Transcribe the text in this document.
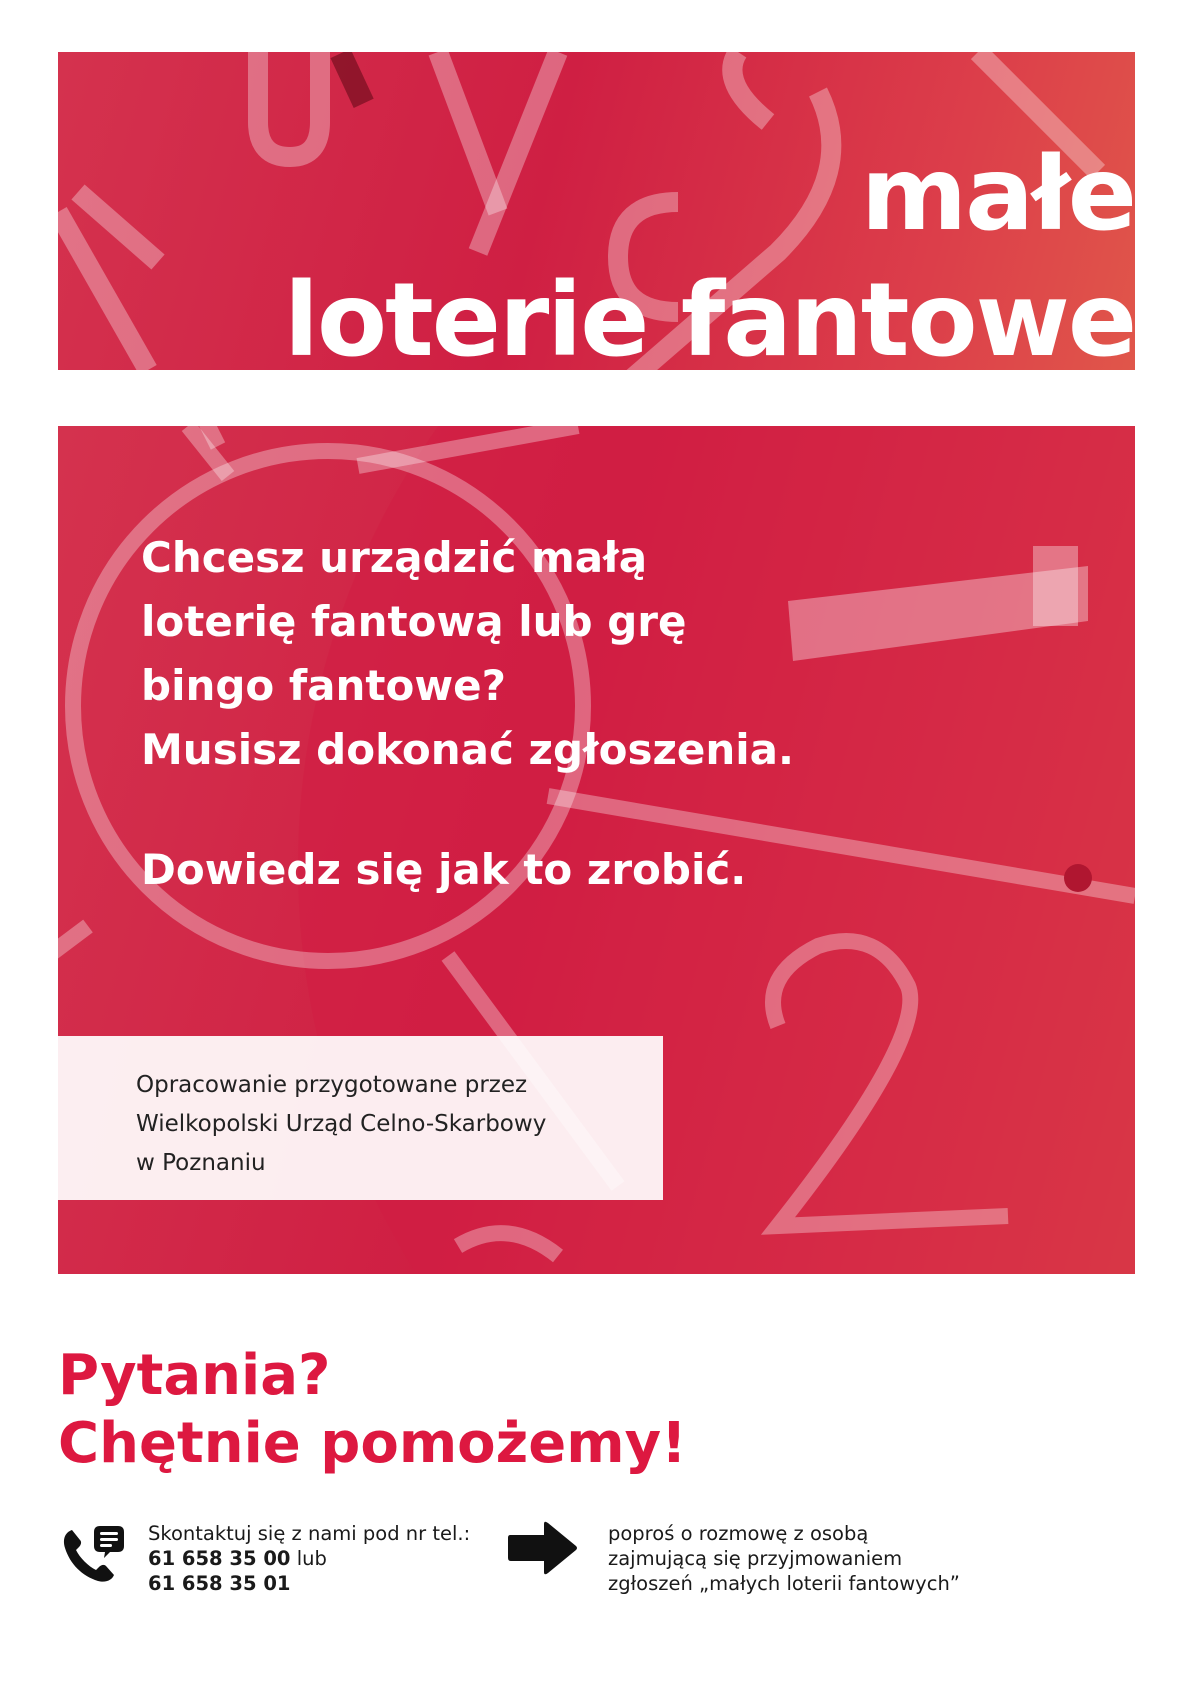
małe
loterie fantowe

Chcesz urządzić małą
loterię fantową lub grę
bingo fantowe?
Musisz dokonać zgłoszenia.
Dowiedz się jak to zrobić.

Opracowanie przygotowane przez
Wielkopolski Urząd Celno-Skarbowy
w Poznaniu
Pytania?
Chętnie pomożemy!
Skontaktuj się z nami pod nr tel.:
61 658 35 00 lub
61 658 35 01
poproś o rozmowę z osobą
zajmującą się przyjmowaniem
zgłoszeń „małych loterii fantowych”
